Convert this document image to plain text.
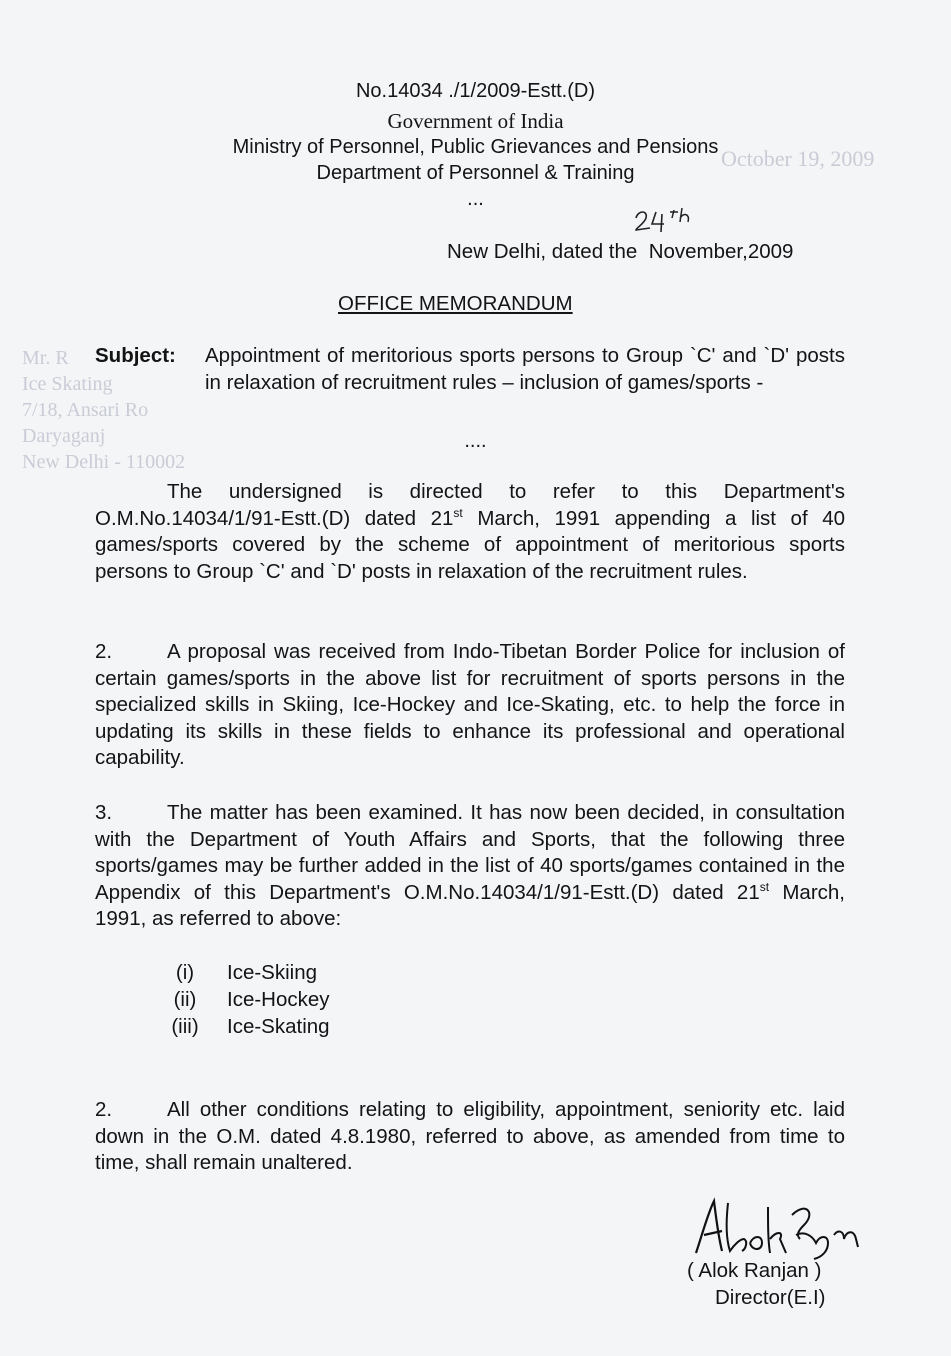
October 19, 2009
Mr. R
Ice Skating
7/18, Ansari Ro
Daryaganj
New Delhi - 110002
No.14034 ./1/2009-Estt.(D)
Government of India
Ministry of Personnel, Public Grievances and Pensions
Department of Personnel & Training
...
New Delhi, dated the  November,2009
OFFICE MEMORANDUM
Subject: Appointment of meritorious sports persons to Group `C' and `D' posts in relaxation of recruitment rules – inclusion of games/sports -
....
The undersigned is directed to refer to this Department's O.M.No.14034/1/91-Estt.(D) dated 21st March, 1991 appending a list of 40 games/sports covered by the scheme of appointment of meritorious sports persons to Group `C' and `D' posts in relaxation of the recruitment rules.
2.	A proposal was received from Indo-Tibetan Border Police for inclusion of certain games/sports in the above list for recruitment of sports persons in the specialized skills in Skiing, Ice-Hockey and Ice-Skating, etc. to help the force in updating its skills in these fields to enhance its professional and operational capability.
3.	The matter has been examined. It has now been decided, in consultation with the Department of Youth Affairs and Sports, that the following three sports/games may be further added in the list of 40 sports/games contained in the Appendix of this Department's O.M.No.14034/1/91-Estt.(D) dated 21st March, 1991, as referred to above:
(i)	Ice-Skiing
(ii)	Ice-Hockey
(iii)	Ice-Skating
2.	All other conditions relating to eligibility, appointment, seniority etc. laid down in the O.M. dated 4.8.1980, referred to above, as amended from time to time, shall remain unaltered.
( Alok Ranjan )
Director(E.I)
